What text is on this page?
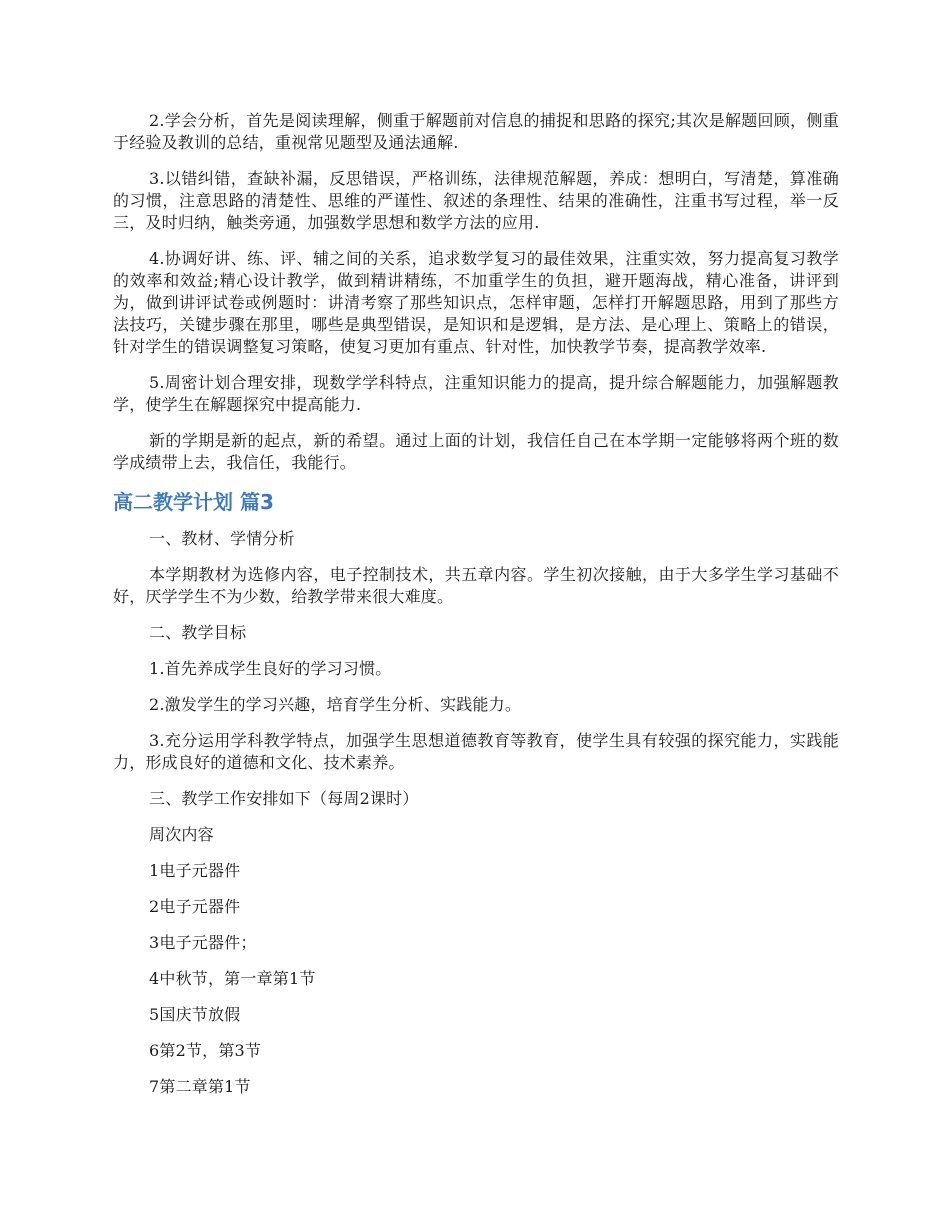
2.学会分析，首先是阅读理解，侧重于解题前对信息的捕捉和思路的探究;其次是解题回顾，侧重于经验及教训的总结，重视常见题型及通法通解.

3.以错纠错，查缺补漏，反思错误，严格训练，法律规范解题，养成：想明白，写清楚，算准确的习惯，注意思路的清楚性、思维的严谨性、叙述的条理性、结果的准确性，注重书写过程，举一反三，及时归纳，触类旁通，加强数学思想和数学方法的应用.

4.协调好讲、练、评、辅之间的关系，追求数学复习的最佳效果，注重实效，努力提高复习教学的效率和效益;精心设计教学，做到精讲精练，不加重学生的负担，避开题海战，精心准备，讲评到为，做到讲评试卷或例题时：讲清考察了那些知识点，怎样审题，怎样打开解题思路，用到了那些方法技巧，关键步骤在那里，哪些是典型错误，是知识和是逻辑，是方法、是心理上、策略上的错误，针对学生的错误调整复习策略，使复习更加有重点、针对性，加快教学节奏，提高教学效率.

5.周密计划合理安排，现数学学科特点，注重知识能力的提高，提升综合解题能力，加强解题教学，使学生在解题探究中提高能力.

新的学期是新的起点，新的希望。通过上面的计划，我信任自己在本学期一定能够将两个班的数学成绩带上去，我信任，我能行。

高二教学计划 篇3

一、教材、学情分析

本学期教材为选修内容，电子控制技术，共五章内容。学生初次接触，由于大多学生学习基础不好，厌学学生不为少数，给教学带来很大难度。

二、教学目标

1.首先养成学生良好的学习习惯。

2.激发学生的学习兴趣，培育学生分析、实践能力。

3.充分运用学科教学特点，加强学生思想道德教育等教育，使学生具有较强的探究能力，实践能力，形成良好的道德和文化、技术素养。

三、教学工作安排如下（每周2课时）

周次内容

1电子元器件

2电子元器件

3电子元器件；

4中秋节，第一章第1节

5国庆节放假

6第2节，第3节

7第二章第1节
